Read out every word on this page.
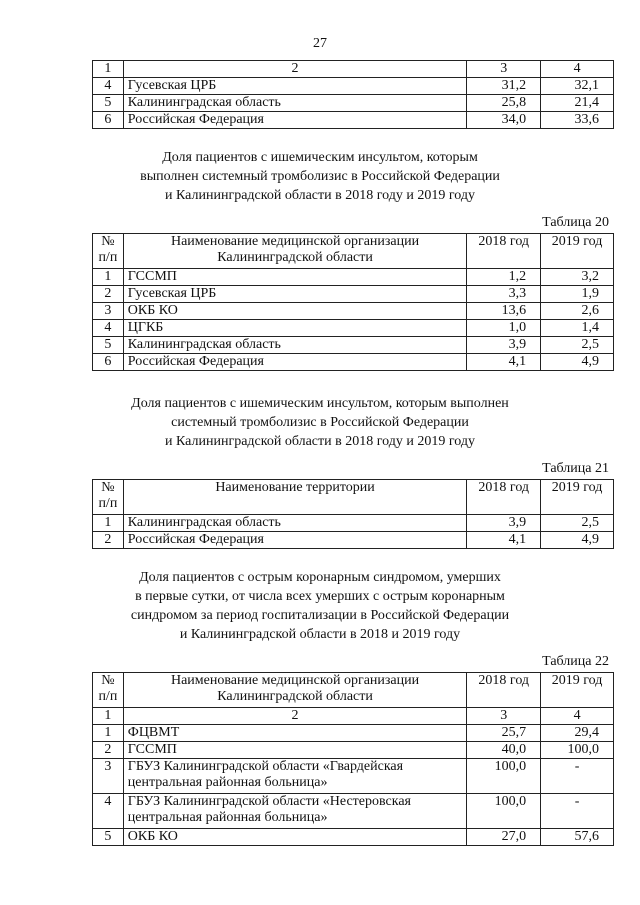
27
1	2	3	4
4	Гусевская ЦРБ	31,2	32,1
5	Калининградская область	25,8	21,4
6	Российская Федерация	34,0	33,6
Доля пациентов с ишемическим инсультом, которым
выполнен системный тромболизис в Российской Федерации
и Калининградской области в 2018 году и 2019 году
Таблица 20
№ п/п	Наименование медицинской организации Калининградской области	2018 год	2019 год
1	ГССМП	1,2	3,2
2	Гусевская ЦРБ	3,3	1,9
3	ОКБ КО	13,6	2,6
4	ЦГКБ	1,0	1,4
5	Калининградская область	3,9	2,5
6	Российская Федерация	4,1	4,9
Доля пациентов с ишемическим инсультом, которым выполнен
системный тромболизис в Российской Федерации
и Калининградской области в 2018 году и 2019 году
Таблица 21
№ п/п	Наименование территории	2018 год	2019 год
1	Калининградская область	3,9	2,5
2	Российская Федерация	4,1	4,9
Доля пациентов с острым коронарным синдромом, умерших
в первые сутки, от числа всех умерших с острым коронарным
синдромом за период госпитализации в Российской Федерации
и Калининградской области в 2018 и 2019 году
Таблица 22
№ п/п	Наименование медицинской организации Калининградской области	2018 год	2019 год
1	2	3	4
1	ФЦВМТ	25,7	29,4
2	ГССМП	40,0	100,0
3	ГБУЗ Калининградской области «Гвардейская центральная районная больница»	100,0	-
4	ГБУЗ Калининградской области «Нестеровская центральная районная больница»	100,0	-
5	ОКБ КО	27,0	57,6
